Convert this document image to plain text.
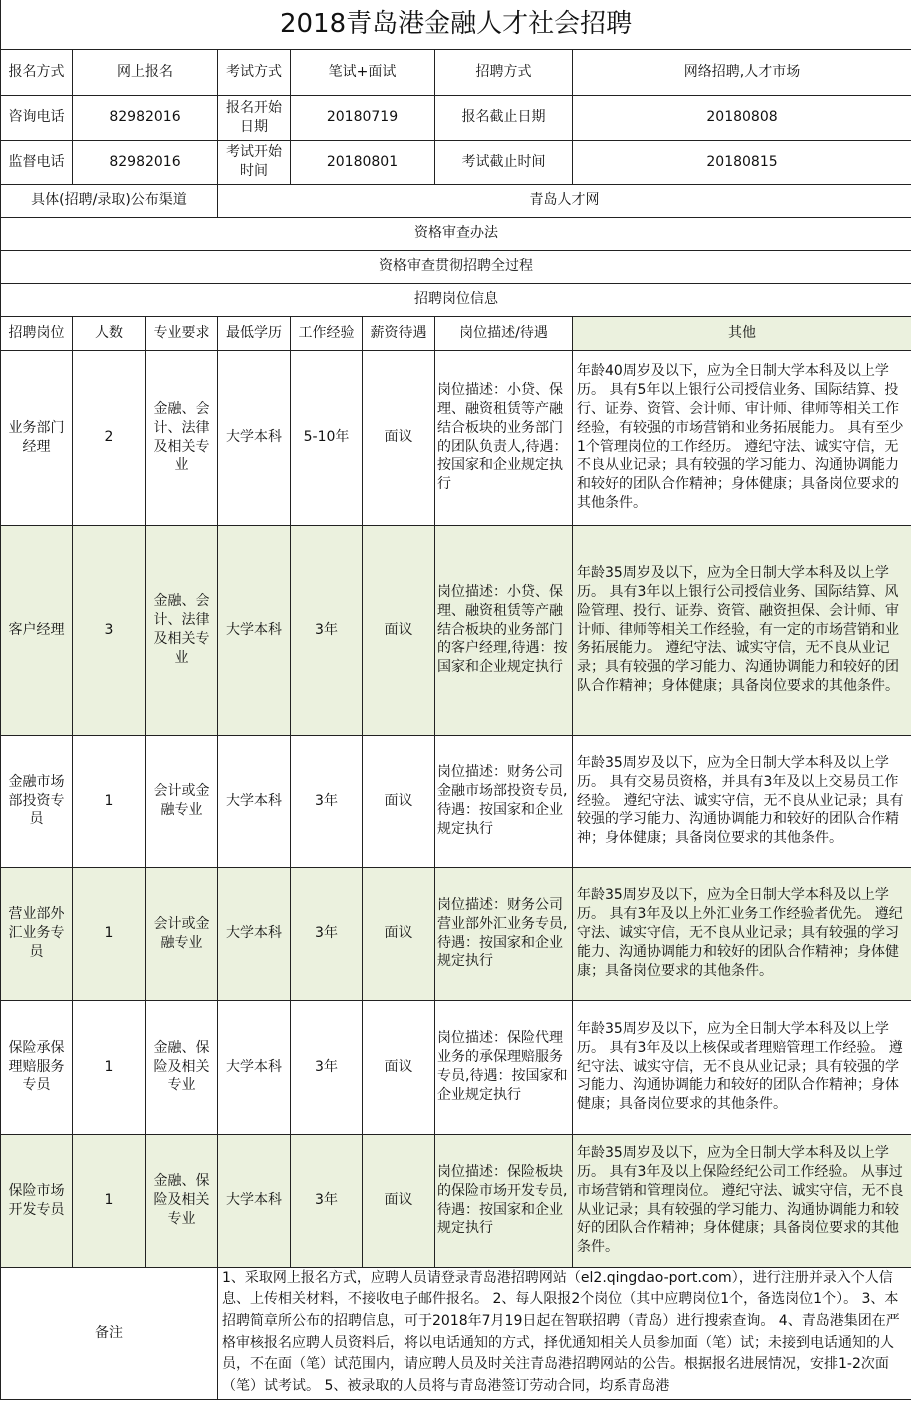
2018青岛港金融人才社会招聘							
报名方式	网上报名		考试方式	笔试+面试		招聘方式	网络招聘,人才市场
咨询电话	82982016		报名开始日期	20180719		报名截止日期	20180808
监督电话	82982016		考试开始时间	20180801		考试截止时间	20180815
具体(招聘/录取)公布渠道			青岛人才网				
资格审查办法							
资格审查贯彻招聘全过程							
招聘岗位信息							
招聘岗位	人数	专业要求	最低学历	工作经验	薪资待遇	岗位描述/待遇	其他
业务部门经理	2	金融、会计、法律及相关专业	大学本科	5-10年	面议	岗位描述：小贷、保理、融资租赁等产融结合板块的业务部门的团队负责人,待遇：按国家和企业规定执行	年龄40周岁及以下，应为全日制大学本科及以上学历。 具有5年以上银行公司授信业务、国际结算、投行、证券、资管、会计师、审计师、律师等相关工作经验，有较强的市场营销和业务拓展能力。 具有至少1个管理岗位的工作经历。 遵纪守法、诚实守信，无不良从业记录；具有较强的学习能力、沟通协调能力和较好的团队合作精神；身体健康；具备岗位要求的其他条件。
客户经理	3	金融、会计、法律及相关专业	大学本科	3年	面议	岗位描述：小贷、保理、融资租赁等产融结合板块的业务部门的客户经理,待遇：按国家和企业规定执行	年龄35周岁及以下，应为全日制大学本科及以上学历。 具有3年以上银行公司授信业务、国际结算、风险管理、投行、证券、资管、融资担保、会计师、审计师、律师等相关工作经验，有一定的市场营销和业务拓展能力。 遵纪守法、诚实守信，无不良从业记录；具有较强的学习能力、沟通协调能力和较好的团队合作精神；身体健康；具备岗位要求的其他条件。
金融市场部投资专员	1	会计或金融专业	大学本科	3年	面议	岗位描述：财务公司金融市场部投资专员,待遇：按国家和企业规定执行	年龄35周岁及以下，应为全日制大学本科及以上学历。 具有交易员资格，并具有3年及以上交易员工作经验。 遵纪守法、诚实守信，无不良从业记录；具有较强的学习能力、沟通协调能力和较好的团队合作精神；身体健康；具备岗位要求的其他条件。
营业部外汇业务专员	1	会计或金融专业	大学本科	3年	面议	岗位描述：财务公司营业部外汇业务专员,待遇：按国家和企业规定执行	年龄35周岁及以下，应为全日制大学本科及以上学历。 具有3年及以上外汇业务工作经验者优先。 遵纪守法、诚实守信，无不良从业记录；具有较强的学习能力、沟通协调能力和较好的团队合作精神；身体健康；具备岗位要求的其他条件。
保险承保理赔服务专员	1	金融、保险及相关专业	大学本科	3年	面议	岗位描述：保险代理业务的承保理赔服务专员,待遇：按国家和企业规定执行	年龄35周岁及以下，应为全日制大学本科及以上学历。 具有3年及以上核保或者理赔管理工作经验。 遵纪守法、诚实守信，无不良从业记录；具有较强的学习能力、沟通协调能力和较好的团队合作精神；身体健康；具备岗位要求的其他条件。
保险市场开发专员	1	金融、保险及相关专业	大学本科	3年	面议	岗位描述：保险板块的保险市场开发专员,待遇：按国家和企业规定执行	年龄35周岁及以下，应为全日制大学本科及以上学历。 具有3年及以上保险经纪公司工作经验。 从事过市场营销和管理岗位。 遵纪守法、诚实守信，无不良从业记录；具有较强的学习能力、沟通协调能力和较好的团队合作精神；身体健康；具备岗位要求的其他条件。
备注			1、采取网上报名方式，应聘人员请登录青岛港招聘网站（el2.qingdao-port.com），进行注册并录入个人信息、上传相关材料，不接收电子邮件报名。 2、每人限报2个岗位（其中应聘岗位1个，备选岗位1个）。 3、本招聘简章所公布的招聘信息，可于2018年7月19日起在智联招聘（青岛）进行搜索查询。 4、青岛港集团在严格审核报名应聘人员资料后，将以电话通知的方式，择优通知相关人员参加面（笔）试；未接到电话通知的人员，不在面（笔）试范围内，请应聘人员及时关注青岛港招聘网站的公告。根据报名进展情况，安排1-2次面（笔）试考试。 5、被录取的人员将与青岛港签订劳动合同，均系青岛港				
